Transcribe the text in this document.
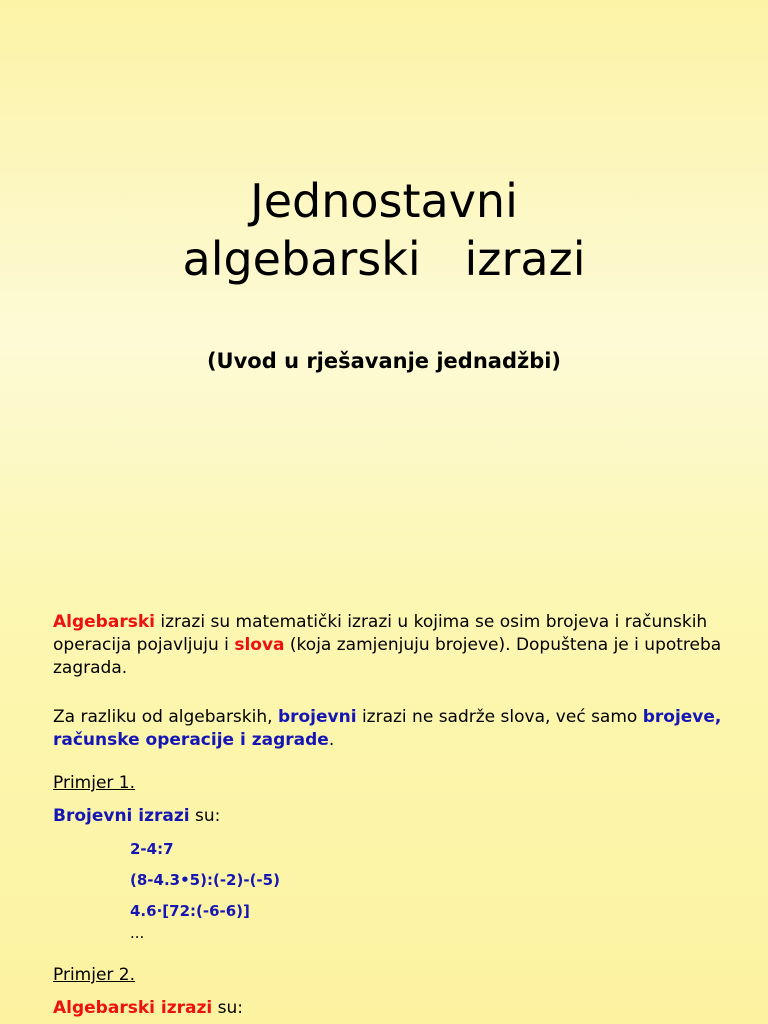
Jednostavni
algebarski   izrazi
(Uvod u rješavanje jednadžbi)

Algebarski izrazi su matematički izrazi u kojima se osim brojeva i računskih operacija pojavljuju i slova (koja zamjenjuju brojeve). Dopuštena je i upotreba zagrada.

Za razliku od algebarskih, brojevni izrazi ne sadrže slova, već samo brojeve, računske operacije i zagrade.

Primjer 1.

Brojevni izrazi su:

2-4:7

(8-4.3•5):(-2)-(-5)

4.6·[72:(-6-6)]

...

Primjer 2.

Algebarski izrazi su:
